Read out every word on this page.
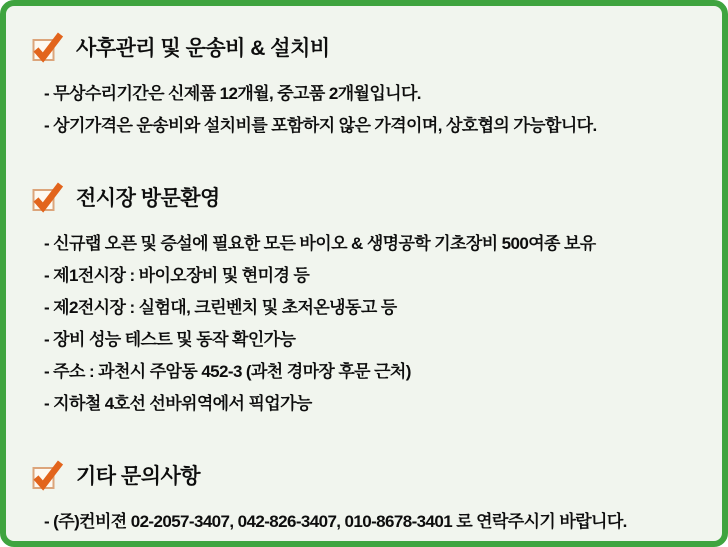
사후관리 및 운송비 & 설치비

- 무상수리기간은 신제품 12개월, 중고품 2개월입니다.

- 상기가격은 운송비와 설치비를 포함하지 않은 가격이며, 상호협의 가능합니다.

전시장 방문환영

- 신규랩 오픈 및 증설에 필요한 모든 바이오 & 생명공학 기초장비 500여종 보유

- 제1전시장 : 바이오장비 및 현미경 등

- 제2전시장 : 실험대, 크린벤치 및 초저온냉동고 등

- 장비 성능 테스트 및 동작 확인가능

- 주소 : 과천시 주암동 452-3 (과천 경마장 후문 근처)

- 지하철 4호선 선바위역에서 픽업가능

기타 문의사항

- (주)컨비젼 02-2057-3407, 042-826-3407, 010-8678-3401 로 연락주시기 바랍니다.
